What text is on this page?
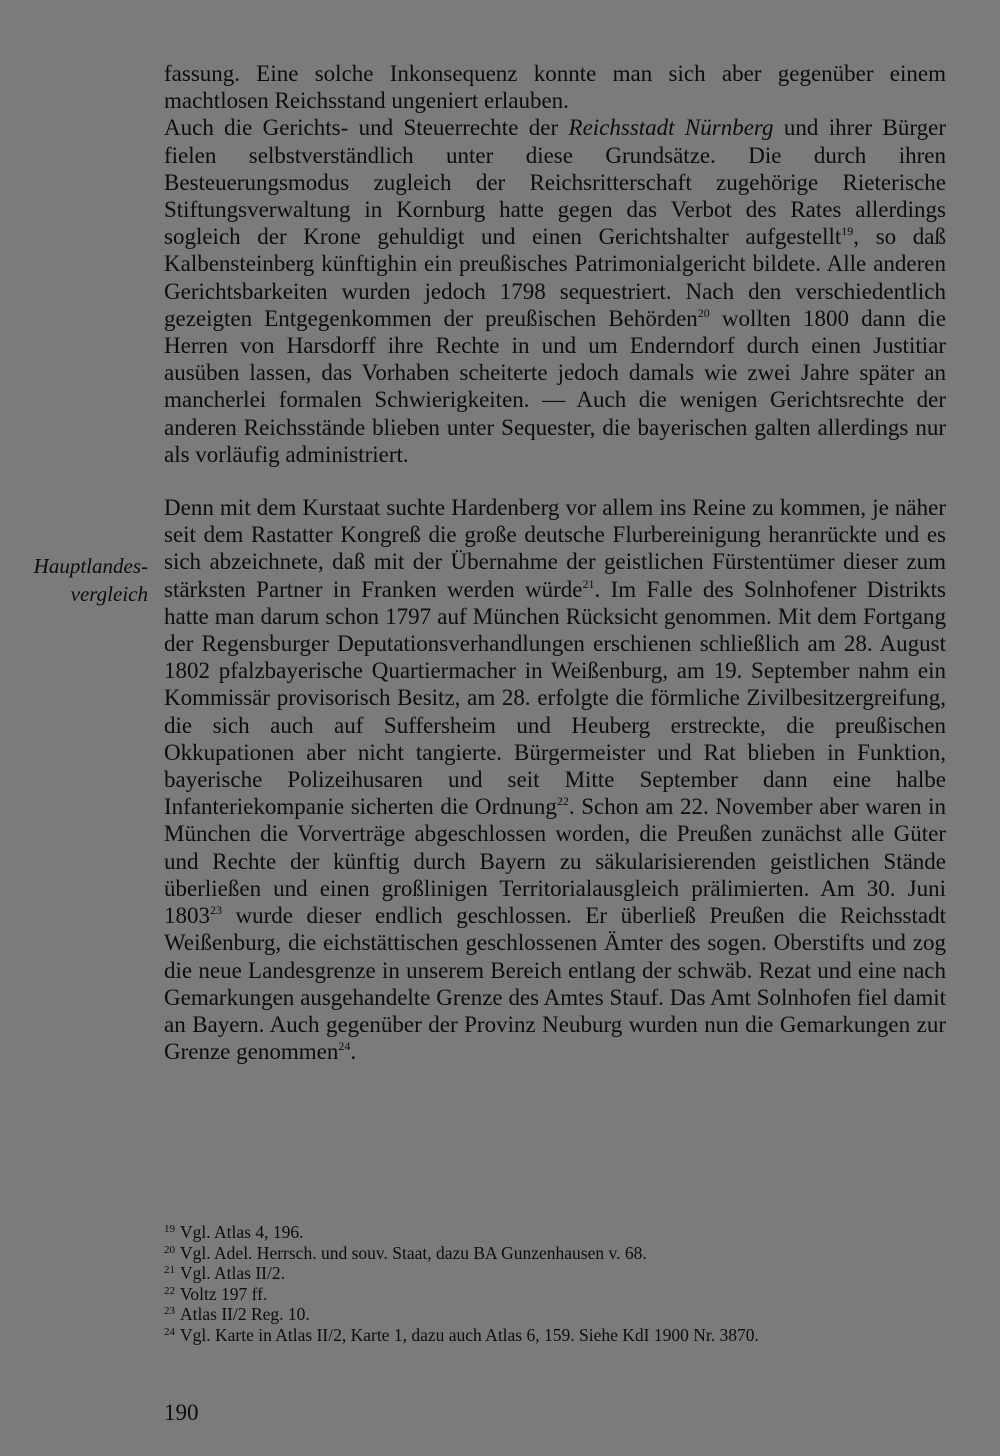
fassung. Eine solche Inkonsequenz konnte man sich aber gegenüber einem machtlosen Reichsstand ungeniert erlauben.

Auch die Gerichts- und Steuerrechte der Reichsstadt Nürnberg und ihrer Bürger fielen selbstverständlich unter diese Grundsätze. Die durch ihren Besteuerungsmodus zugleich der Reichsritterschaft zugehörige Rieterische Stiftungsverwaltung in Kornburg hatte gegen das Verbot des Rates allerdings sogleich der Krone gehuldigt und einen Gerichtshalter aufgestellt$^{19}$, so daß Kalbensteinberg künftighin ein preußisches Patrimonialgericht bildete. Alle anderen Gerichtsbarkeiten wurden jedoch 1798 sequestriert. Nach den verschiedentlich gezeigten Entgegenkommen der preußischen Behörden$^{20}$ wollten 1800 dann die Herren von Harsdorff ihre Rechte in und um Enderndorf durch einen Justitiar ausüben lassen, das Vorhaben scheiterte jedoch damals wie zwei Jahre später an mancherlei formalen Schwierigkeiten. — Auch die wenigen Gerichtsrechte der anderen Reichsstände blieben unter Sequester, die bayerischen galten allerdings nur als vorläufig administriert.

Denn mit dem Kurstaat suchte Hardenberg vor allem ins Reine zu kommen, je näher seit dem Rastatter Kongreß die große deutsche Flurbereinigung heranrückte und es sich abzeichnete, daß mit der Übernahme der geistlichen Fürstentümer dieser zum stärksten Partner in Franken werden würde$^{21}$. Im Falle des Solnhofener Distrikts hatte man darum schon 1797 auf München Rücksicht genommen. Mit dem Fortgang der Regensburger Deputationsverhandlungen erschienen schließlich am 28. August 1802 pfalzbayerische Quartiermacher in Weißenburg, am 19. September nahm ein Kommissär provisorisch Besitz, am 28. erfolgte die förmliche Zivilbesitzergreifung, die sich auch auf Suffersheim und Heuberg erstreckte, die preußischen Okkupationen aber nicht tangierte. Bürgermeister und Rat blieben in Funktion, bayerische Polizeihusaren und seit Mitte September dann eine halbe Infanteriekompanie sicherten die Ordnung$^{22}$. Schon am 22. November aber waren in München die Vorverträge abgeschlossen worden, die Preußen zunächst alle Güter und Rechte der künftig durch Bayern zu säkularisierenden geistlichen Stände überließen und einen großlinigen Territorialausgleich prälimierten. Am 30. Juni 1803$^{23}$ wurde dieser endlich geschlossen. Er überließ Preußen die Reichsstadt Weißenburg, die eichstättischen geschlossenen Ämter des sogen. Oberstifts und zog die neue Landesgrenze in unserem Bereich entlang der schwäb. Rezat und eine nach Gemarkungen ausgehandelte Grenze des Amtes Stauf. Das Amt Solnhofen fiel damit an Bayern. Auch gegenüber der Provinz Neuburg wurden nun die Gemarkungen zur Grenze genommen$^{24}$.

Hauptlandes-
vergleich

$^{19}$ Vgl. Atlas 4, 196.

$^{20}$ Vgl. Adel. Herrsch. und souv. Staat, dazu BA Gunzenhausen v. 68.

$^{21}$ Vgl. Atlas II/2.

$^{22}$ Voltz 197 ff.

$^{23}$ Atlas II/2 Reg. 10.

$^{24}$ Vgl. Karte in Atlas II/2, Karte 1, dazu auch Atlas 6, 159. Siehe KdI 1900 Nr. 3870.

190
